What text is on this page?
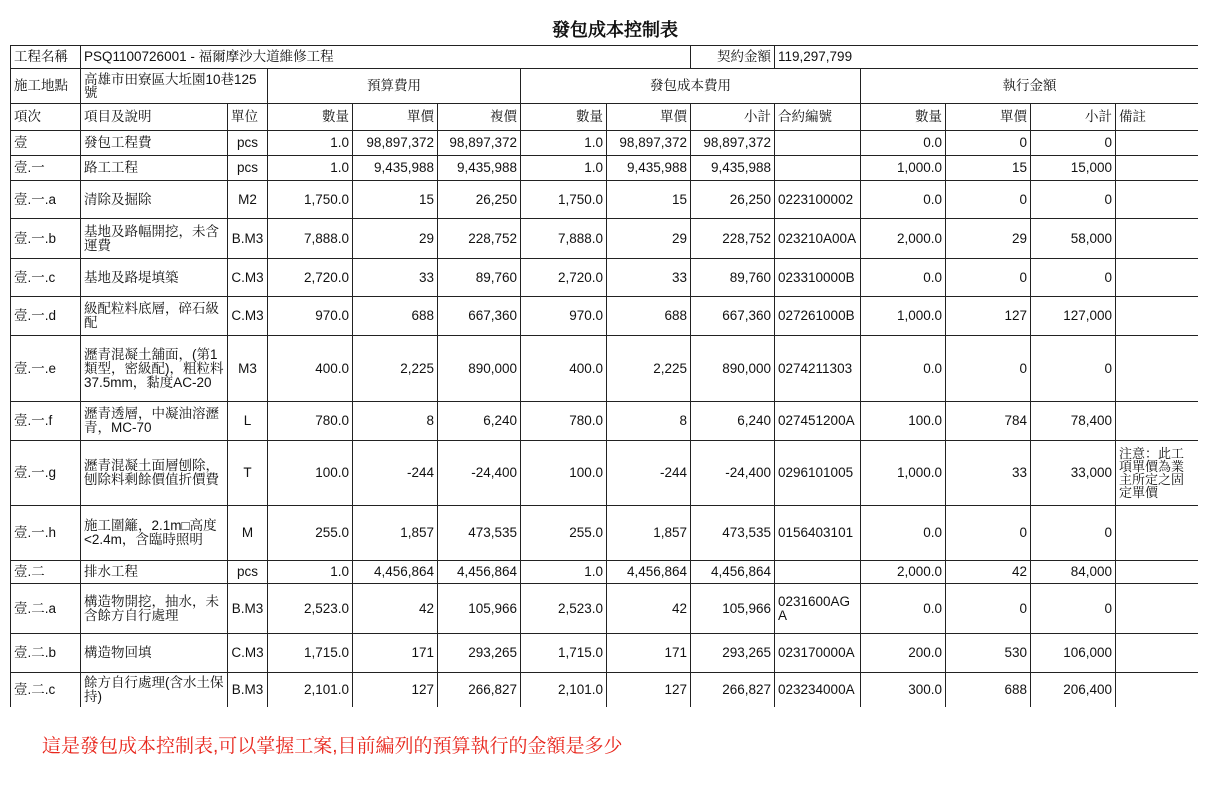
發包成本控制表
工程名稱	PSQ1100726001 - 福爾摩沙大道維修工程							契約金額	119,297,799				
施工地點	高雄市田寮區大坵園10巷125號		預算費用			發包成本費用				執行金額			
項次	項目及說明	單位	數量	單價	複價	數量	單價	小計	合約編號	數量	單價	小計	備註
壹	發包工程費	pcs	1.0	98,897,372	98,897,372	1.0	98,897,372	98,897,372		0.0	0	0	
壹.一	路工工程	pcs	1.0	9,435,988	9,435,988	1.0	9,435,988	9,435,988		1,000.0	15	15,000	
壹.一.a	清除及掘除	M2	1,750.0	15	26,250	1,750.0	15	26,250	0223100002	0.0	0	0	
壹.一.b	基地及路幅開挖，未含運費	B.M3	7,888.0	29	228,752	7,888.0	29	228,752	023210A00A	2,000.0	29	58,000	
壹.一.c	基地及路堤填築	C.M3	2,720.0	33	89,760	2,720.0	33	89,760	023310000B	0.0	0	0	
壹.一.d	級配粒料底層，碎石級配	C.M3	970.0	688	667,360	970.0	688	667,360	027261000B	1,000.0	127	127,000	
壹.一.e	瀝青混凝土舖面，(第1類型，密級配)，粗粒料37.5mm，黏度AC-20	M3	400.0	2,225	890,000	400.0	2,225	890,000	0274211303	0.0	0	0	
壹.一.f	瀝青透層，中凝油溶瀝青，MC-70	L	780.0	8	6,240	780.0	8	6,240	027451200A	100.0	784	78,400	
壹.一.g	瀝青混凝土面層刨除，刨除料剩餘價值折價費	T	100.0	-244	-24,400	100.0	-244	-24,400	0296101005	1,000.0	33	33,000	注意：此工項單價為業主所定之固定單價
壹.一.h	施工圍籬，2.1m□高度<2.4m，含臨時照明	M	255.0	1,857	473,535	255.0	1,857	473,535	0156403101	0.0	0	0	
壹.二	排水工程	pcs	1.0	4,456,864	4,456,864	1.0	4,456,864	4,456,864		2,000.0	42	84,000	
壹.二.a	構造物開挖，抽水，未含餘方自行處理	B.M3	2,523.0	42	105,966	2,523.0	42	105,966	0231600AGA	0.0	0	0	
壹.二.b	構造物回填	C.M3	1,715.0	171	293,265	1,715.0	171	293,265	023170000A	200.0	530	106,000	
壹.二.c	餘方自行處理(含水土保持)	B.M3	2,101.0	127	266,827	2,101.0	127	266,827	023234000A	300.0	688	206,400	
這是發包成本控制表,可以掌握工案,目前編列的預算執行的金額是多少
